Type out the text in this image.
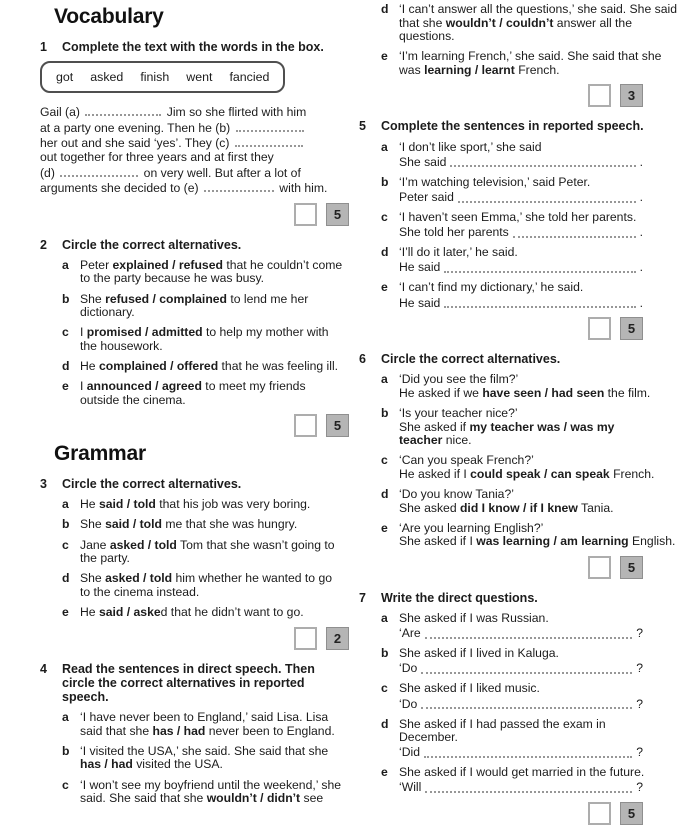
Vocabulary
1	Complete the text with the words in the box.
got asked finish went fancied
Gail (a)	Jim so she flirted with him
at a party one evening. Then he (b)
her out and she said ‘yes’. They (c)
out together for three years and at first they
(d)	on very well. But after a lot of
arguments she decided to (e)	with him.
5
2	Circle the correct alternatives.
a Peter explained / refused that he couldn’t come to the party because he was busy.
b She refused / complained to lend me her dictionary.
c I promised / admitted to help my mother with the housework.
d He complained / offered that he was feeling ill.
e I announced / agreed to meet my friends outside the cinema.
5
Grammar
3	Circle the correct alternatives.
a He said / told that his job was very boring.
b She said / told me that she was hungry.
c Jane asked / told Tom that she wasn’t going to the party.
d She asked / told him whether he wanted to go to the cinema instead.
e He said / asked that he didn’t want to go.
2
4	Read the sentences in direct speech. Then circle the correct alternatives in reported speech.
a ‘I have never been to England,’ said Lisa. Lisa said that she has / had never been to England.
b ‘I visited the USA,’ she said. She said that she has / had visited the USA.
c ‘I won’t see my boyfriend until the weekend,’ she said. She said that she wouldn’t / didn’t see
d ‘I can’t answer all the questions,’ she said. She said that she wouldn’t / couldn’t answer all the questions.
e ‘I’m learning French,’ she said. She said that she was learning / learnt French.
3
5	Complete the sentences in reported speech.
a ‘I don’t like sport,’ she said
She said	.
b ‘I’m watching television,’ said Peter.
Peter said	.
c ‘I haven’t seen Emma,’ she told her parents.
She told her parents	.
d ‘I’ll do it later,’ he said.
He said	.
e ‘I can’t find my dictionary,’ he said.
He said	.
5
6	Circle the correct alternatives.
a ‘Did you see the film?’
He asked if we have seen / had seen the film.
b ‘Is your teacher nice?’
She asked if my teacher was / was my
teacher nice.
c ‘Can you speak French?’
He asked if I could speak / can speak French.
d ‘Do you know Tania?’
She asked did I know / if I knew Tania.
e ‘Are you learning English?’
She asked if I was learning / am learning English.
5
7	Write the direct questions.
a She asked if I was Russian.
‘Are	?
b She asked if I lived in Kaluga.
‘Do	?
c She asked if I liked music.
‘Do	?
d She asked if I had passed the exam in
December.
‘Did	?
e She asked if I would get married in the future.
‘Will	?
5
